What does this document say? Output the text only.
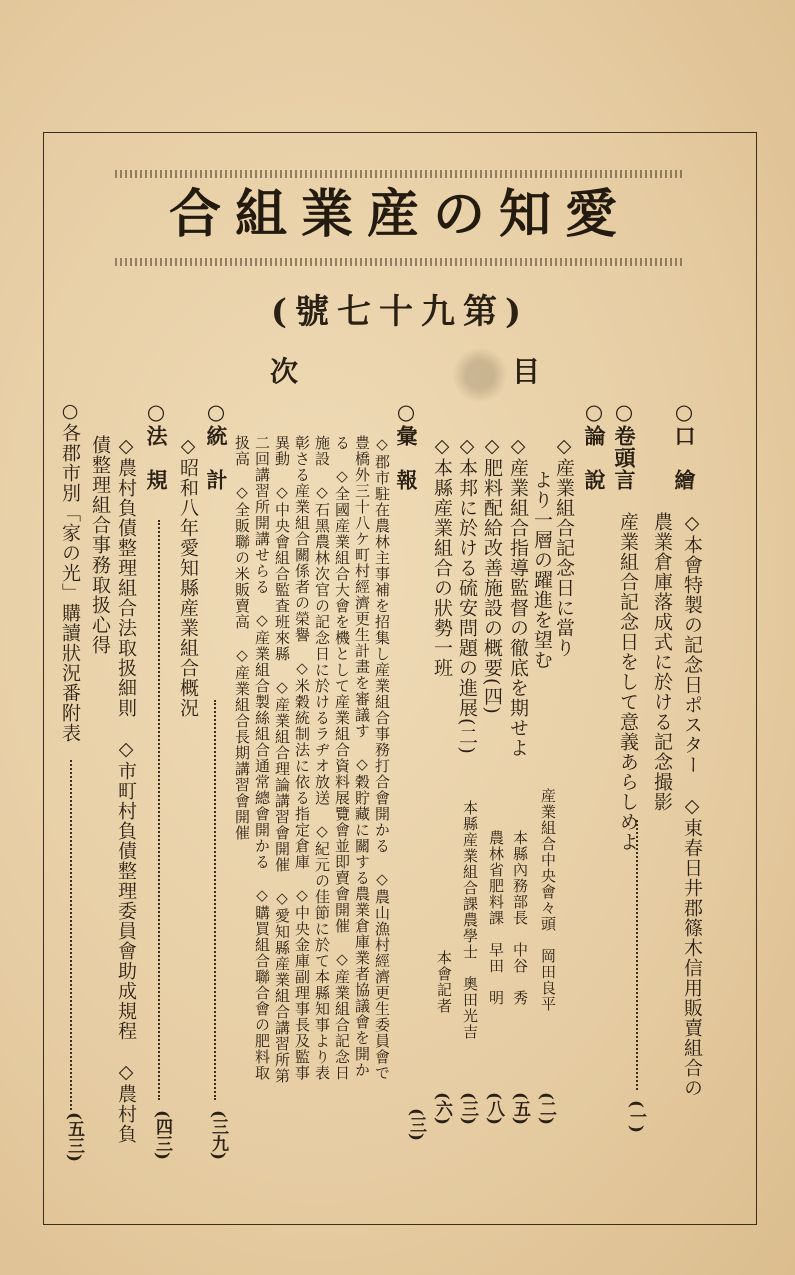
合組業産の知愛
(號七十九第)
次	目
○口　繪
◇本會特製の記念日ポスター　◇東春日井郡篠木信用販賣組合の
農業倉庫落成式に於ける記念撮影
(一)
○卷頭言
産業組合記念日をして意義あらしめよ
○論　說
◇産業組合記念日に當り
より一層の躍進を望む
産業組合中央會々頭　岡田良平
(二)
◇産業組合指導監督の徹底を期せよ
本縣內務部長　中谷　秀
(五)
◇肥料配給改善施設の概要(四)
農林省肥料課　早田　明
(八)
◇本邦に於ける硫安問題の進展(二)
本縣産業組合課農學士　奧田光吉
(三)
◇本縣産業組合の狀勢一班
本會記者
(六)
○彙　報
◇郡市駐在農林主事補を招集し産業組合事務打合會開かる　◇農山漁村經濟更生委員會で
豊橋外三十八ケ町村經濟更生計畫を審議す　◇穀貯藏に關する農業倉庫業者協議會を開か
る　◇全國産業組合大會を機として産業組合資料展覽會並即賣會開催　◇産業組合記念日
施設　◇石黑農林次官の記念日に於けるラヂオ放送　◇紀元の佳節に於て本縣知事より表
彰さる産業組合關係者の榮譽　◇米穀統制法に依る指定倉庫　◇中央金庫副理事長及監事
異動　◇中央會組合監査班來縣　◇産業組合理論講習會開催　◇愛知縣産業組合講習所第
二回講習所開講せらる　◇産業組合製絲組合通常總會開かる　◇購買組合聯合會の肥料取
扱高　◇全販聯の米販賣高　◇産業組合長期講習會開催
(三)
○統　計
◇昭和八年愛知縣産業組合概況
(三九)
○法　規
◇農村負債整理組合法取扱細則　◇市町村負債整理委員會助成規程　◇農村負
債整理組合事務取扱心得
(四三)
○各郡市別「家の光」購讀狀況番附表
(五三)
